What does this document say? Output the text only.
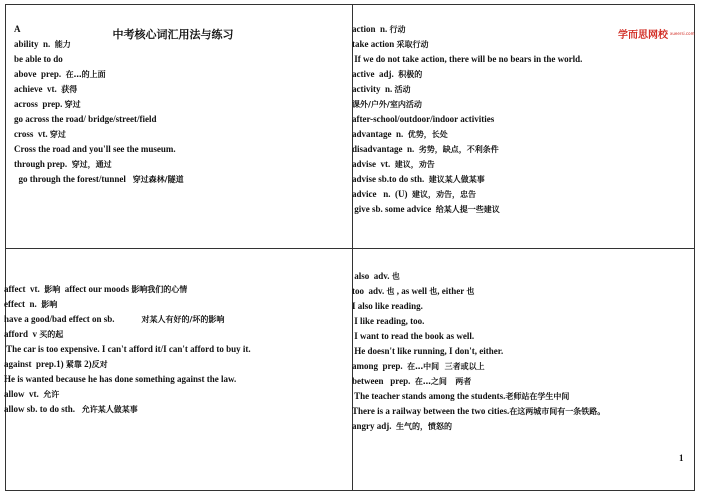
中考核心词汇用法与练习	学而思网校 xueersi.com
A
ability  n.  能力
be able to do
above  prep.  在…的上面
achieve  vt.  获得
across  prep. 穿过
go across the road/ bridge/street/field
cross  vt. 穿过
Cross the road and you'll see the museum.
through prep.  穿过，通过
go through the forest/tunnel   穿过森林/隧道
action  n. 行动
take action 采取行动
If we do not take action, there will be no bears in the world.
active  adj.  积极的
activity  n. 活动
课外/户外/室内活动
after-school/outdoor/indoor activities
advantage  n.  优势，长处
disadvantage  n.  劣势，缺点，不利条件
advise  vt.  建议，劝告
advise sb.to do sth.  建议某人做某事
advice   n.  (U)  建议，劝告，忠告
give sb. some advice  给某人提一些建议
affect  vt.  影响  affect our moods 影响我们的心情
effect  n.  影响
have a good/bad effect on sb.            对某人有好的/坏的影响
afford  v 买的起
The car is too expensive. I can't afford it/I can't afford to buy it.
against  prep.1) 紧靠 2)反对
He is wanted because he has done something against the law.
allow  vt.  允许
allow sb. to do sth.   允许某人做某事
also  adv. 也
too  adv. 也 , as well 也, either 也
I also like reading.
I like reading, too.
I want to read the book as well.
He doesn't like running, I don't, either.
among  prep.  在…中间  三者或以上
between   prep.  在…之间   两者
The teacher stands among the students.老师站在学生中间
There is a railway between the two cities.在这两城市间有一条铁路。
angry adj.  生气的，愤怒的
1
